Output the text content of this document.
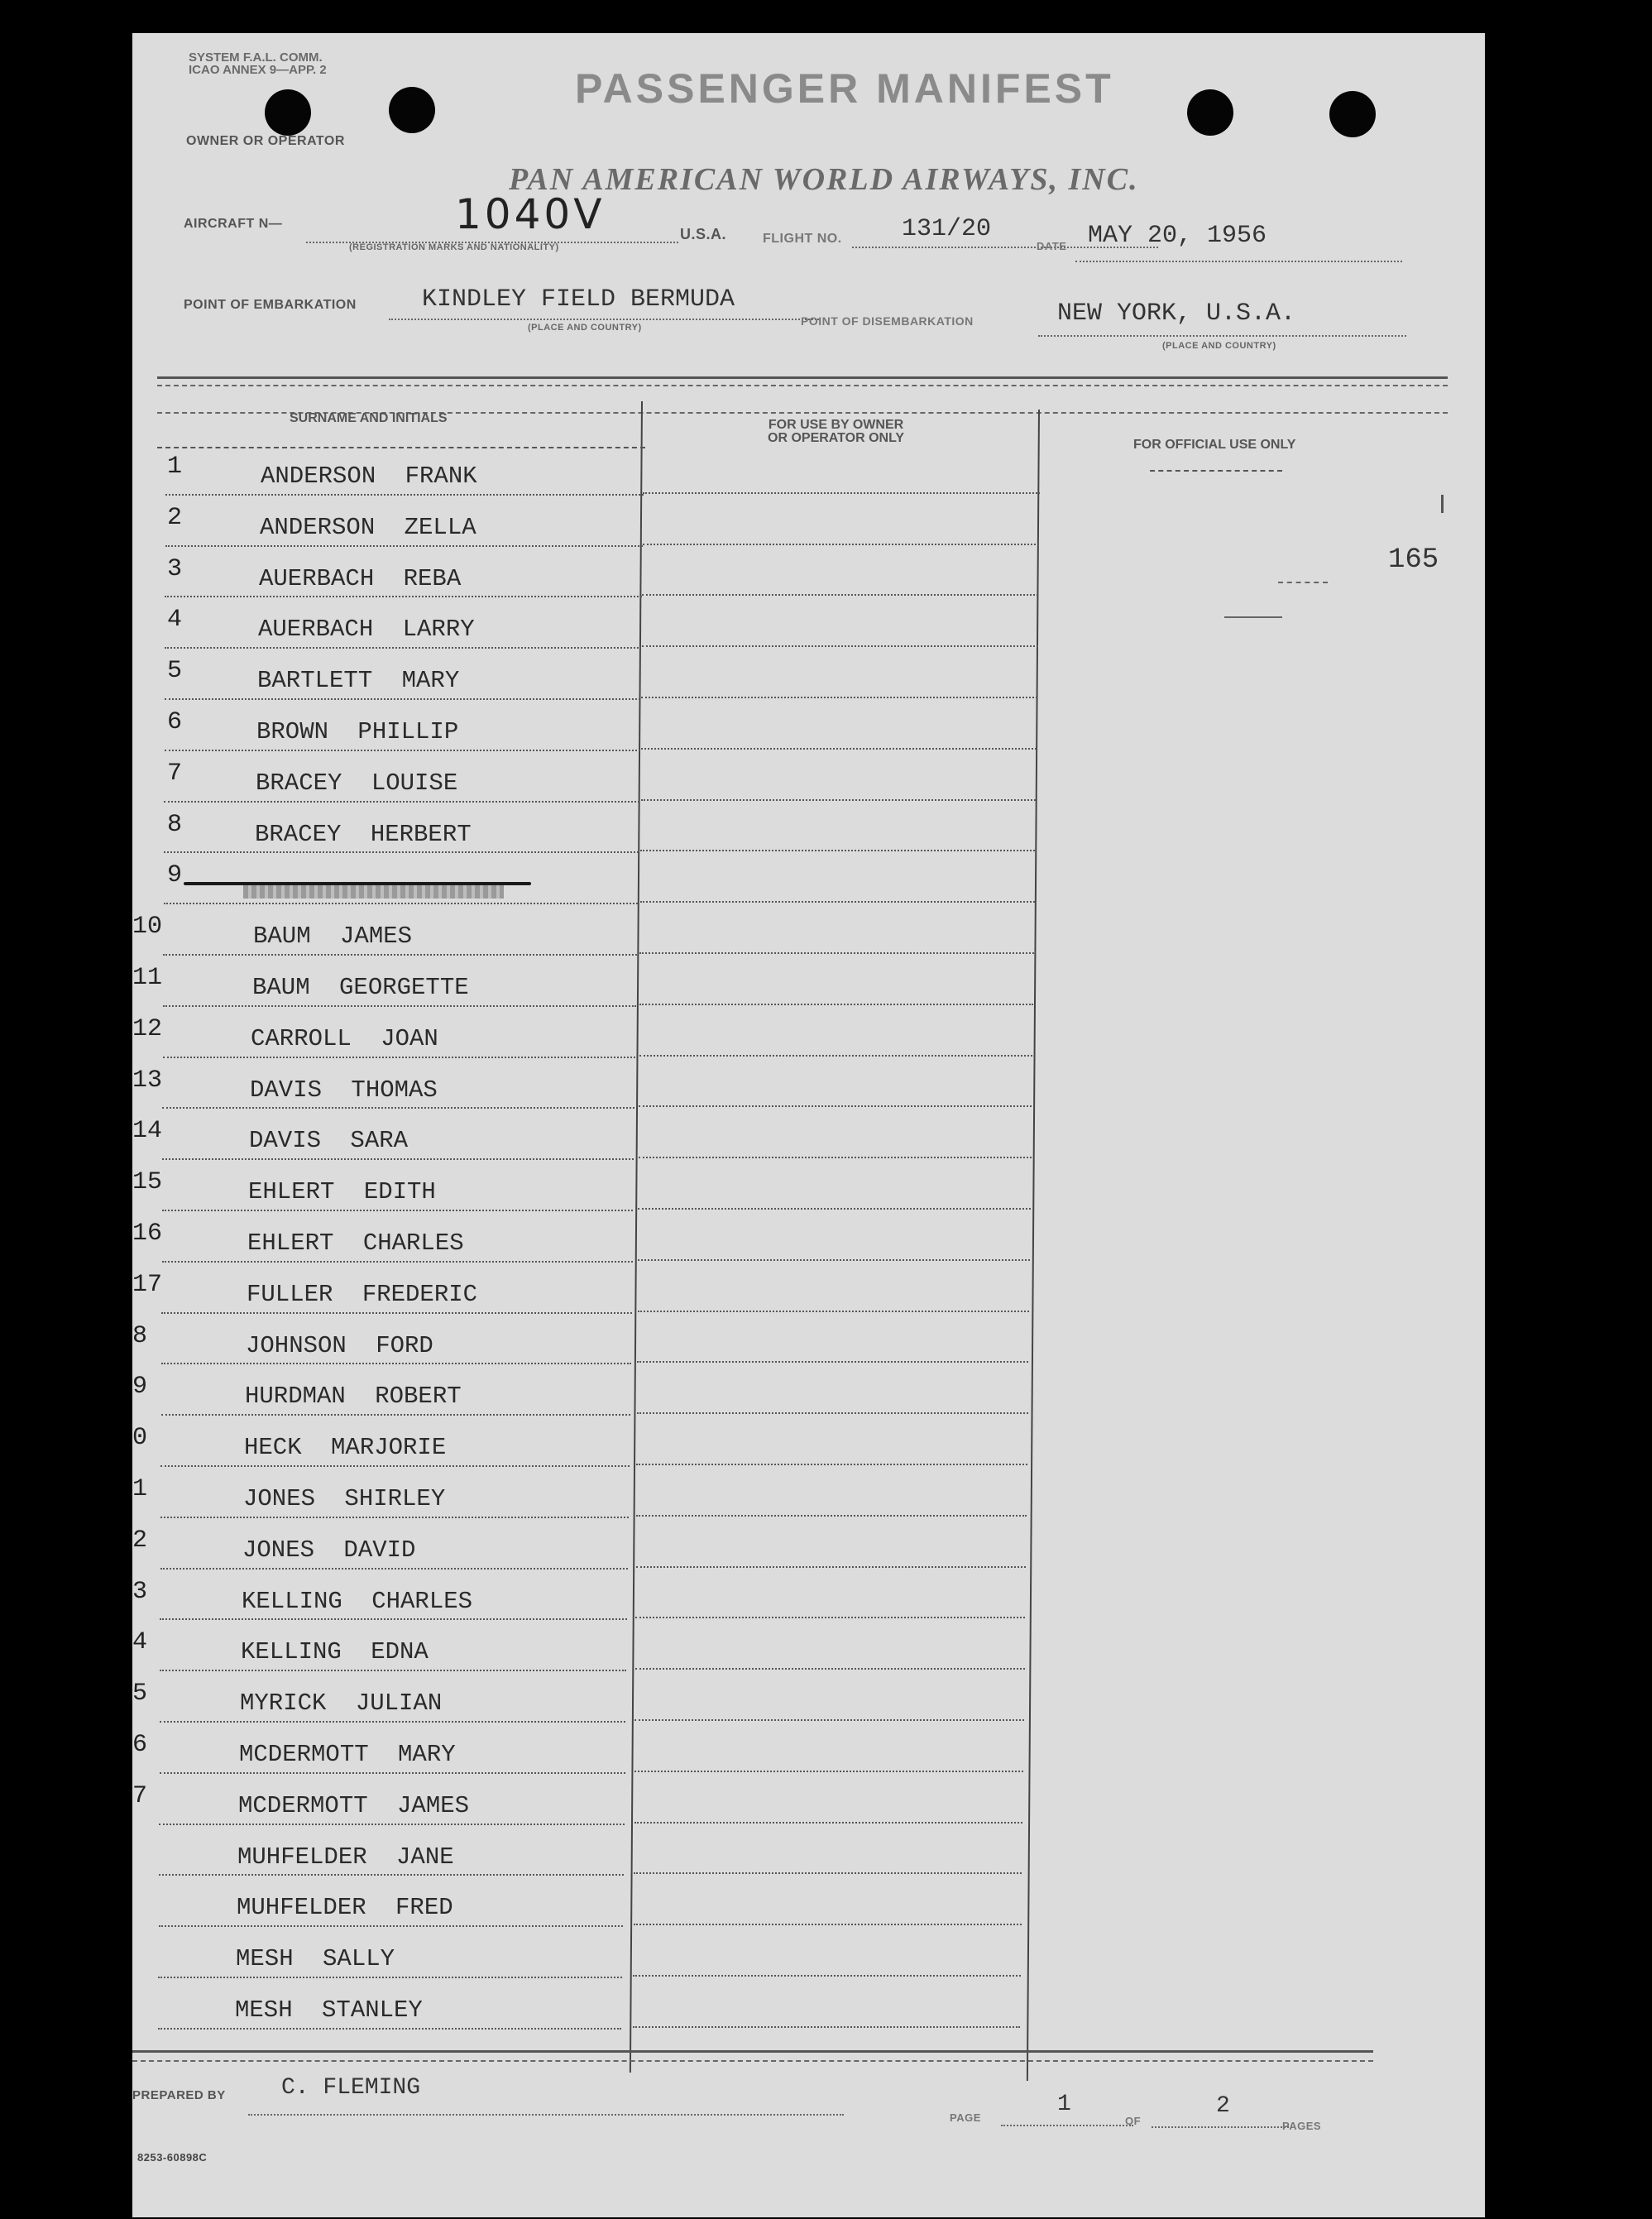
SYSTEM F.A.L. COMM.
ICAO ANNEX 9—APP. 2	PASSENGER MANIFEST
OWNER OR OPERATOR
PAN AMERICAN WORLD AIRWAYS, INC.
AIRCRAFT N—	1040V
(REGISTRATION MARKS AND NATIONALITY)
U.S.A.	FLIGHT NO. 131/20
DATE MAY 20, 1956
POINT OF EMBARKATION	KINDLEY FIELD BERMUDA
(PLACE AND COUNTRY)	POINT OF DISEMBARKATION	NEW YORK, U.S.A.
(PLACE AND COUNTRY)
SURNAME AND INITIALS	FOR USE BY OWNER
OR OPERATOR ONLY	FOR OFFICIAL USE ONLY
165
1	ANDERSON FRANK
2	ANDERSON ZELLA
3	AUERBACH REBA
4	AUERBACH LARRY
5	BARTLETT MARY
6	BROWN PHILLIP
7	BRACEY LOUISE
8	BRACEY HERBERT
9
10	BAUM JAMES
11	BAUM GEORGETTE
12	CARROLL JOAN
13	DAVIS THOMAS
14	DAVIS SARA
15	EHLERT EDITH
16	EHLERT CHARLES
17	FULLER FREDERIC
8	JOHNSON FORD
9	HURDMAN ROBERT
0	HECK MARJORIE
1	JONES SHIRLEY
2	JONES DAVID
3	KELLING CHARLES
4	KELLING EDNA
5	MYRICK JULIAN
6	MCDERMOTT MARY
7	MCDERMOTT JAMES
MUHFELDER JANE
MUHFELDER FRED
MESH SALLY
MESH STANLEY
PREPARED BY C. FLEMING
PAGE
1
OF
2
PAGES
8253-60898C
